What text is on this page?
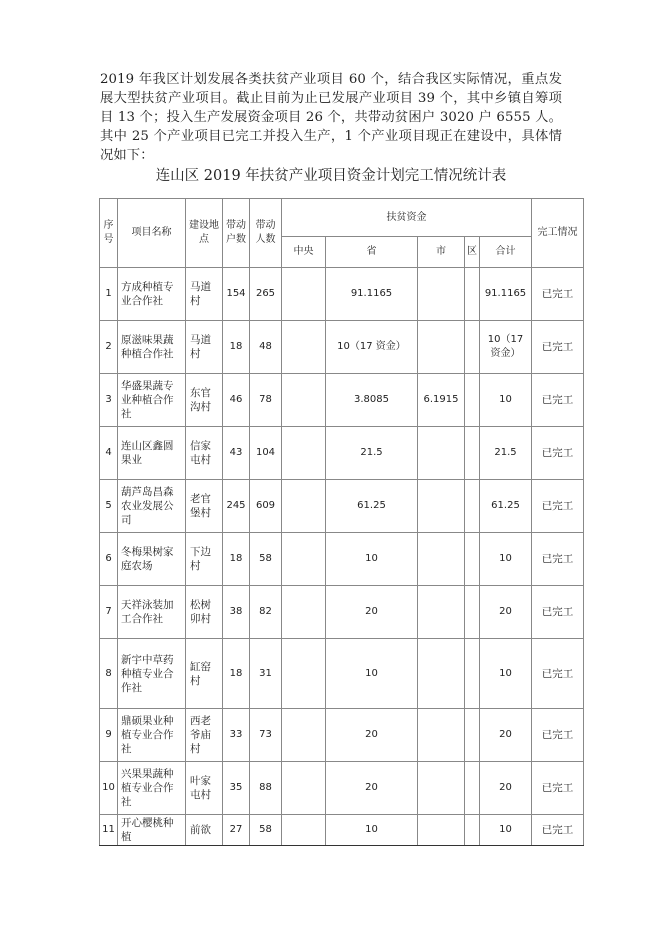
2019 年我区计划发展各类扶贫产业项目 60 个，结合我区实际情况，重点发展大型扶贫产业项目。截止目前为止已发展产业项目 39 个，其中乡镇自筹项目 13 个；投入生产发展资金项目 26 个，共带动贫困户 3020 户 6555 人。其中 25 个产业项目已完工并投入生产，1 个产业项目现正在建设中，具体情况如下：

连山区 2019 年扶贫产业项目资金计划完工情况统计表

序号	项目名称	建设地点	带动户数	带动人数	扶贫资金					完工情况
					中央	省	市	区	合计	
1	方成种植专业合作社	马道村	154	265		91.1165			91.1165	已完工
2	原滋味果蔬种植合作社	马道村	18	48		10（17 资金）			10（17 资金）	已完工
3	华盛果蔬专业种植合作社	东官沟村	46	78		3.8085	6.1915		10	已完工
4	连山区鑫圆果业	信家屯村	43	104		21.5			21.5	已完工
5	葫芦岛昌森农业发展公司	老官堡村	245	609		61.25			61.25	已完工
6	冬梅果树家庭农场	下边村	18	58		10			10	已完工
7	天祥泳装加工合作社	松树卯村	38	82		20			20	已完工
8	新宇中草药种植专业合作社	缸窑村	18	31		10			10	已完工
9	鼎硕果业种植专业合作社	西老爷庙村	33	73		20			20	已完工
10	兴果果蔬种植专业合作社	叶家屯村	35	88		20			20	已完工
11	开心樱桃种植	前欲	27	58		10			10	已完工
